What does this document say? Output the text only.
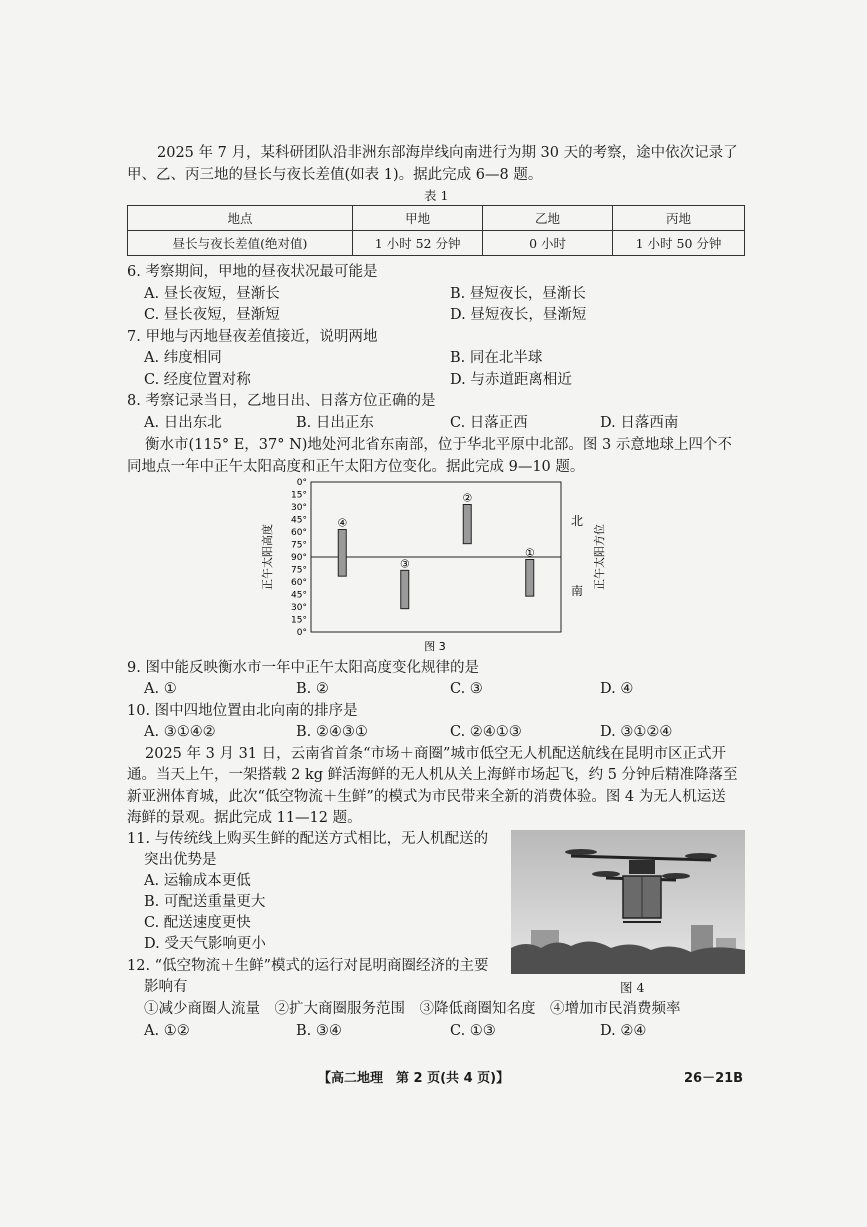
2025 年 7 月，某科研团队沿非洲东部海岸线向南进行为期 30 天的考察，途中依次记录了
甲、乙、丙三地的昼长与夜长差值(如表 1)。据此完成 6—8 题。
表 1
地点	甲地	乙地	丙地
昼长与夜长差值(绝对值)	1 小时 52 分钟	0 小时	1 小时 50 分钟
6. 考察期间，甲地的昼夜状况最可能是
A. 昼长夜短，昼渐长	B. 昼短夜长，昼渐长
C. 昼长夜短，昼渐短	D. 昼短夜长，昼渐短
7. 甲地与丙地昼夜差值接近，说明两地
A. 纬度相同	B. 同在北半球
C. 经度位置对称	D. 与赤道距离相近
8. 考察记录当日，乙地日出、日落方位正确的是
A. 日出东北	B. 日出正东	C. 日落正西	D. 日落西南
衡水市(115° E，37° N)地处河北省东南部，位于华北平原中北部。图 3 示意地球上四个不
同地点一年中正午太阳高度和正午太阳方位变化。据此完成 9—10 题。
0°
15°
30°
45°
60°
75°
90°
75°
60°
45°
30°
15°
0°
④
③
②
①
正午太阳高度	正午太阳方位
北
南
图 3
9. 图中能反映衡水市一年中正午太阳高度变化规律的是
A. ①	B. ②	C. ③	D. ④
10. 图中四地位置由北向南的排序是
A. ③①④②	B. ②④③①	C. ②④①③	D. ③①②④
2025 年 3 月 31 日，云南省首条“市场＋商圈”城市低空无人机配送航线在昆明市区正式开
通。当天上午，一架搭载 2 kg 鲜活海鲜的无人机从关上海鲜市场起飞，约 5 分钟后精准降落至
新亚洲体育城，此次“低空物流＋生鲜”的模式为市民带来全新的消费体验。图 4 为无人机运送
海鲜的景观。据此完成 11—12 题。
11. 与传统线上购买生鲜的配送方式相比，无人机配送的
突出优势是
A. 运输成本更低
B. 可配送重量更大
C. 配送速度更快
D. 受天气影响更小
图 4
12. “低空物流＋生鲜”模式的运行对昆明商圈经济的主要
影响有
①减少商圈人流量　②扩大商圈服务范围　③降低商圈知名度　④增加市民消费频率
A. ①②	B. ③④	C. ①③	D. ②④
【高二地理　第 2 页(共 4 页)】	26－21B
